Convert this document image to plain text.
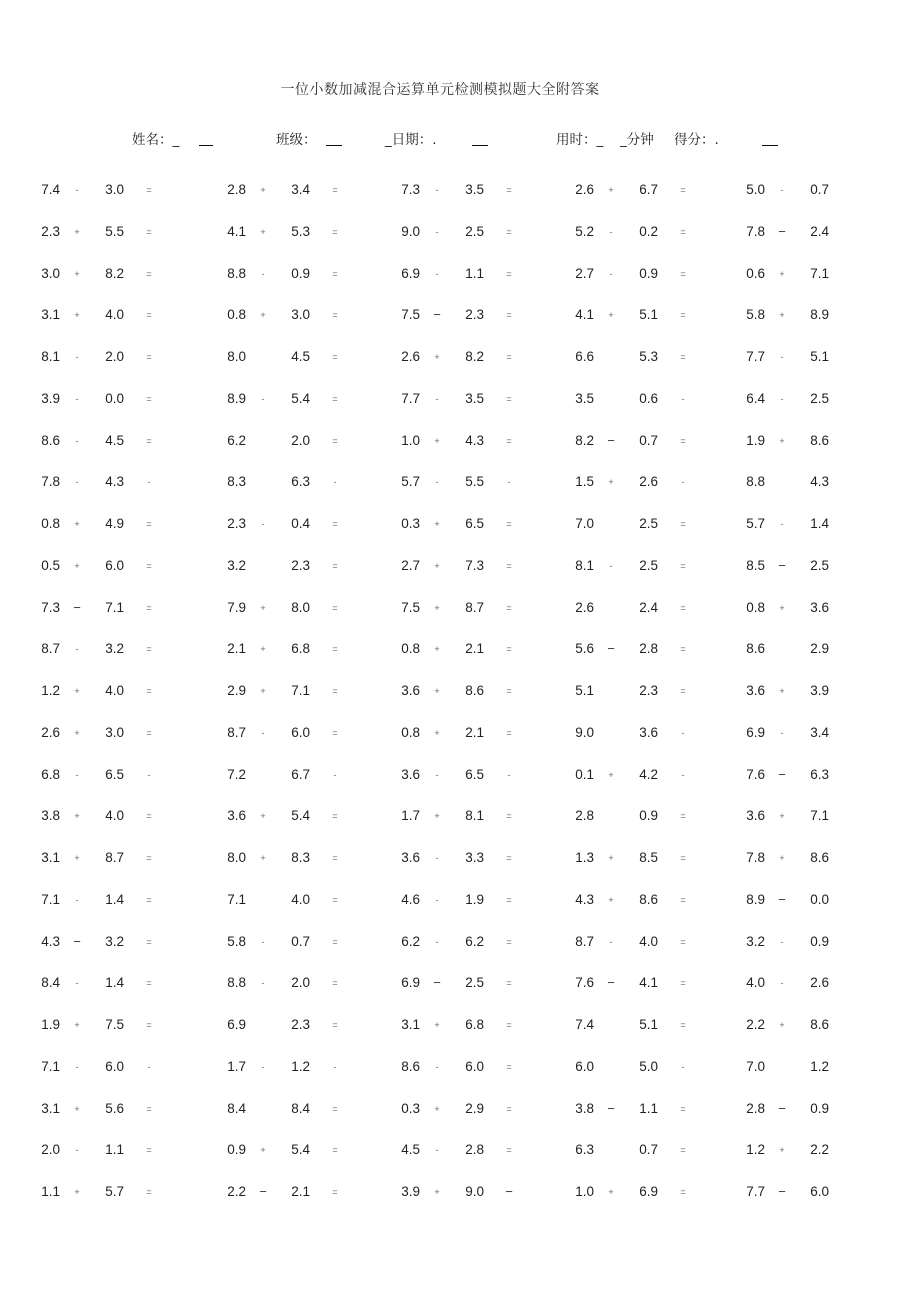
一位小数加减混合运算单元检测模拟题大全附答案
姓名：_	班级：	_日期：.	用时：_ _分钟 得分：.
7.4	-	3.0	=	2.8	+	3.4	=	7.3	-	3.5	=	2.6	+	6.7	=	5.0	-	0.7
2.3	+	5.5	=	4.1	+	5.3	=	9.0	-	2.5	=	5.2	-	0.2	=	7.8 −	2.4
3.0	+	8.2	=	8.8	-	0.9	=	6.9	-	1.1	=	2.7	-	0.9	=	0.6	+	7.1
3.1	+	4.0	=	0.8	+	3.0	=	7.5 −	2.3	=	4.1	+	5.1	=	5.8	+	8.9
8.1	-	2.0	=	8.0	4.5	=	2.6	+	8.2	=	6.6	5.3	=	7.7	-	5.1
3.9	-	0.0	=	8.9	-	5.4	=	7.7	-	3.5	=	3.5	0.6	-	6.4	-	2.5
8.6	-	4.5	=	6.2	2.0	=	1.0	+	4.3	=	8.2 −	0.7	=	1.9	+	8.6
7.8	-	4.3	-	8.3	6.3	-	5.7	-	5.5	-	1.5	+	2.6	-	8.8	4.3
0.8	+	4.9	=	2.3	-	0.4	=	0.3	+	6.5	=	7.0	2.5	=	5.7	-	1.4
0.5	+	6.0	=	3.2	2.3	=	2.7	+	7.3	=	8.1	-	2.5	=	8.5 −	2.5
7.3 −	7.1	=	7.9	+	8.0	=	7.5	+	8.7	=	2.6	2.4	=	0.8	+	3.6
8.7	-	3.2	=	2.1	+	6.8	=	0.8	+	2.1	=	5.6 −	2.8	=	8.6	2.9
1.2	+	4.0	=	2.9	+	7.1	=	3.6	+	8.6	=	5.1	2.3	=	3.6	+	3.9
2.6	+	3.0	=	8.7	-	6.0	=	0.8	+	2.1	=	9.0	3.6	-	6.9	-	3.4
6.8	-	6.5	-	7.2	6.7	-	3.6	-	6.5	-	0.1	+	4.2	-	7.6 −	6.3
3.8	+	4.0	=	3.6	+	5.4	=	1.7	+	8.1	=	2.8	0.9	=	3.6	+	7.1
3.1	+	8.7	=	8.0	+	8.3	=	3.6	-	3.3	=	1.3	+	8.5	=	7.8	+	8.6
7.1	-	1.4	=	7.1	4.0	=	4.6	-	1.9	=	4.3	+	8.6	=	8.9 −	0.0
4.3 −	3.2	=	5.8	-	0.7	=	6.2	-	6.2	=	8.7	-	4.0	=	3.2	-	0.9
8.4	-	1.4	=	8.8	-	2.0	=	6.9 −	2.5	=	7.6 −	4.1	=	4.0	-	2.6
1.9	+	7.5	=	6.9	2.3	=	3.1	+	6.8	=	7.4	5.1	=	2.2	+	8.6
7.1	-	6.0	-	1.7	-	1.2	-	8.6	-	6.0	=	6.0	5.0	-	7.0	1.2
3.1	+	5.6	=	8.4	8.4	=	0.3	+	2.9	=	3.8 −	1.1	=	2.8 −	0.9
2.0	-	1.1	=	0.9	+	5.4	=	4.5	-	2.8	=	6.3	0.7	=	1.2	+	2.2
1.1	+	5.7	=	2.2 −	2.1	=	3.9	+	9.0 −	1.0	+	6.9	=	7.7 −	6.0
